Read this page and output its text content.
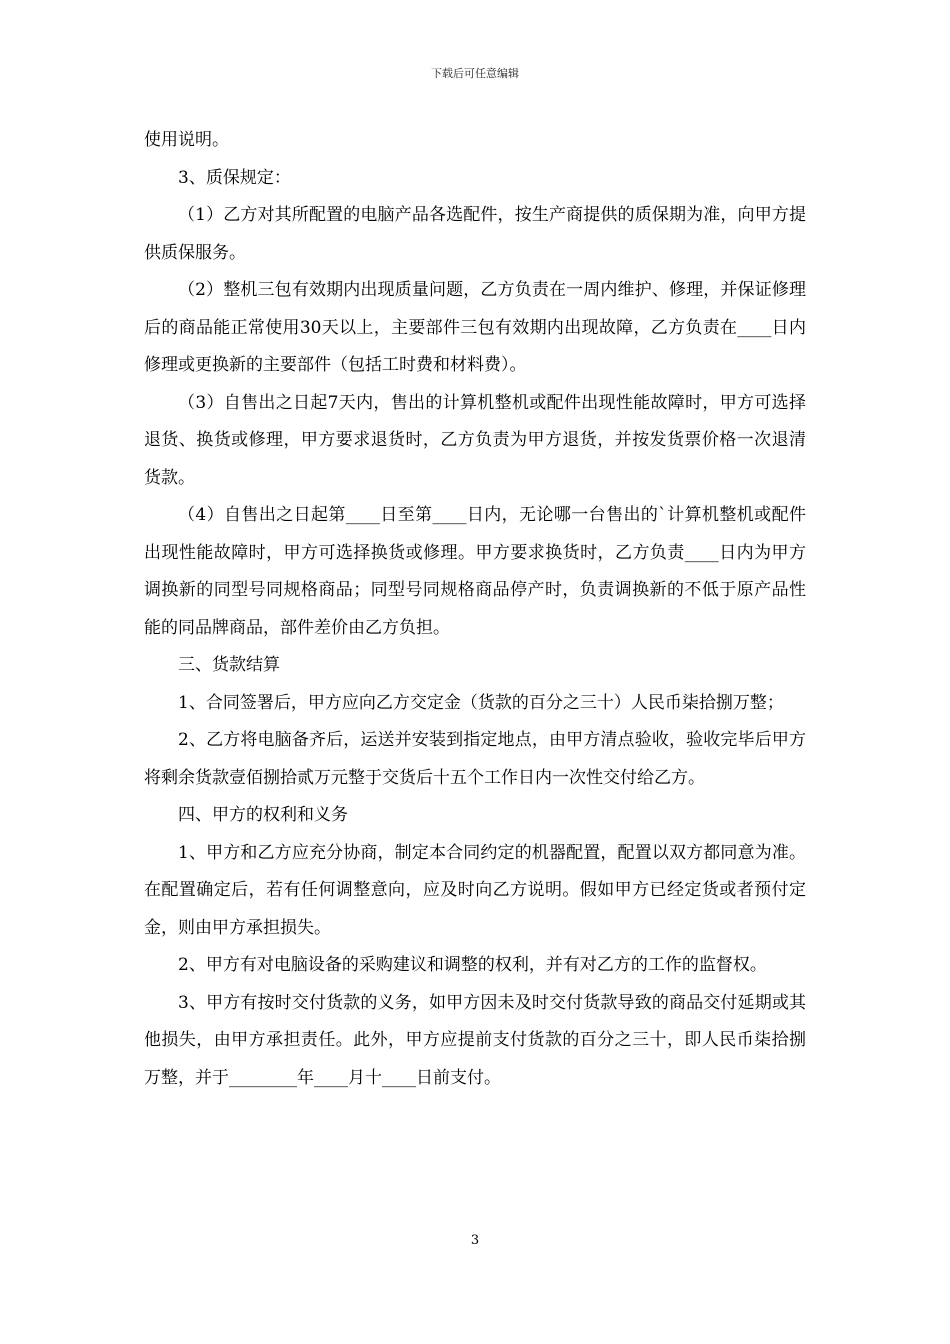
下载后可任意编辑

使用说明。

3、质保规定：

（1）乙方对其所配置的电脑产品各选配件，按生产商提供的质保期为准，向甲方提供质保服务。

（2）整机三包有效期内出现质量问题，乙方负责在一周内维护、修理，并保证修理后的商品能正常使用30天以上，主要部件三包有效期内出现故障，乙方负责在____日内修理或更换新的主要部件（包括工时费和材料费）。

（3）自售出之日起7天内，售出的计算机整机或配件出现性能故障时，甲方可选择退货、换货或修理，甲方要求退货时，乙方负责为甲方退货，并按发货票价格一次退清货款。

（4）自售出之日起第____日至第____日内，无论哪一台售出的`计算机整机或配件出现性能故障时，甲方可选择换货或修理。甲方要求换货时，乙方负责____日内为甲方调换新的同型号同规格商品；同型号同规格商品停产时，负责调换新的不低于原产品性能的同品牌商品，部件差价由乙方负担。

三、货款结算

1、合同签署后，甲方应向乙方交定金（货款的百分之三十）人民币柒拾捌万整；

2、乙方将电脑备齐后，运送并安装到指定地点，由甲方清点验收，验收完毕后甲方将剩余货款壹佰捌拾贰万元整于交货后十五个工作日内一次性交付给乙方。

四、甲方的权利和义务

1、甲方和乙方应充分协商，制定本合同约定的机器配置，配置以双方都同意为准。在配置确定后，若有任何调整意向，应及时向乙方说明。假如甲方已经定货或者预付定金，则由甲方承担损失。

2、甲方有对电脑设备的采购建议和调整的权利，并有对乙方的工作的监督权。

3、甲方有按时交付货款的义务，如甲方因未及时交付货款导致的商品交付延期或其他损失，由甲方承担责任。此外，甲方应提前支付货款的百分之三十，即人民币柒拾捌万整，并于________年____月十____日前支付。

3
